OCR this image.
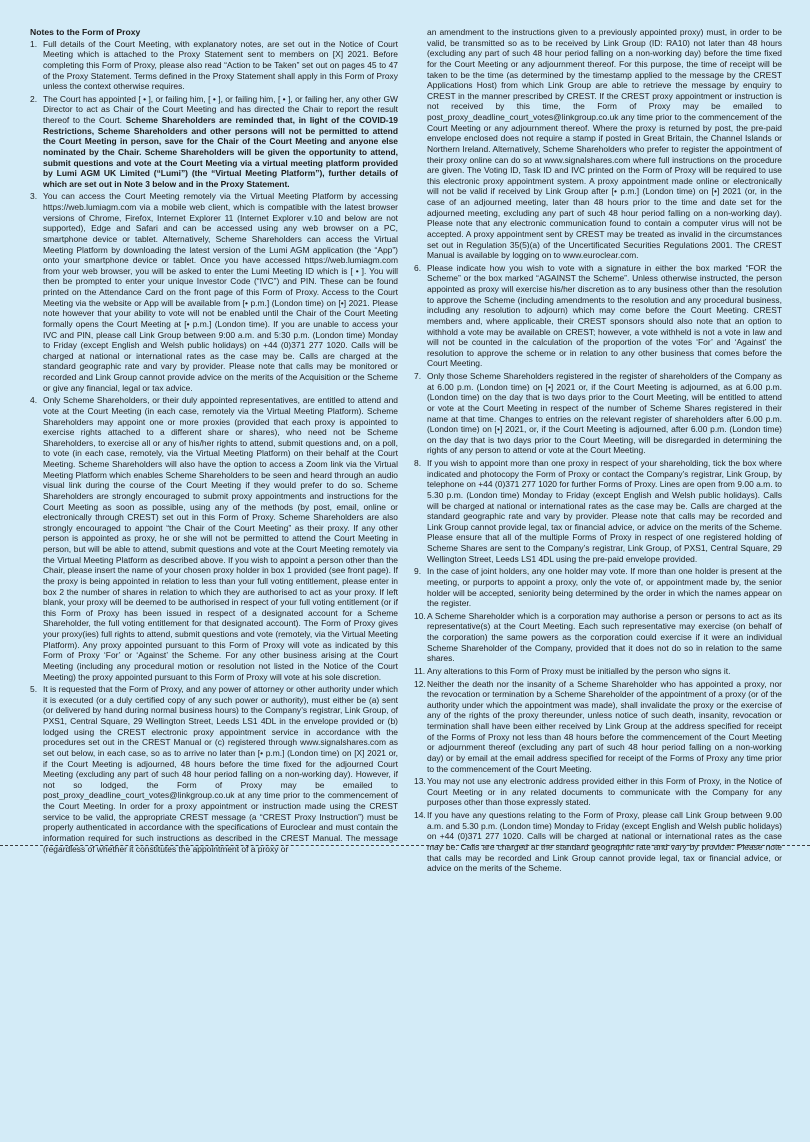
Notes to the Form of Proxy
1. Full details of the Court Meeting, with explanatory notes, are set out in the Notice of Court Meeting which is attached to the Proxy Statement sent to members on [X] 2021. Before completing this Form of Proxy, please also read “Action to be Taken” set out on pages 45 to 47 of the Proxy Statement. Terms defined in the Proxy Statement shall apply in this Form of Proxy unless the context otherwise requires.
2. The Court has appointed [ • ], or failing him, [ • ], or failing him, [ • ], or failing her, any other GW Director to act as Chair of the Court Meeting and has directed the Chair to report the result thereof to the Court. Scheme Shareholders are reminded that, in light of the COVID-19 Restrictions, Scheme Shareholders and other persons will not be permitted to attend the Court Meeting in person, save for the Chair of the Court Meeting and anyone else nominated by the Chair. Scheme Shareholders will be given the opportunity to attend, submit questions and vote at the Court Meeting via a virtual meeting platform provided by Lumi AGM UK Limited (“Lumi”) (the “Virtual Meeting Platform”), further details of which are set out in Note 3 below and in the Proxy Statement.
3. You can access the Court Meeting remotely via the Virtual Meeting Platform by accessing https://web.lumiagm.com via a mobile web client, which is compatible with the latest browser versions of Chrome, Firefox, Internet Explorer 11 (Internet Explorer v.10 and below are not supported), Edge and Safari and can be accessed using any web browser on a PC, smartphone device or tablet. Alternatively, Scheme Shareholders can access the Virtual Meeting Platform by downloading the latest version of the Lumi AGM application (the “App”) onto your smartphone device or tablet. Once you have accessed https://web.lumiagm.com from your web browser, you will be asked to enter the Lumi Meeting ID which is [ • ]. You will then be prompted to enter your unique Investor Code (“IVC”) and PIN. These can be found printed on the Attendance Card on the front page of this Form of Proxy. Access to the Court Meeting via the website or App will be available from [• p.m.] (London time) on [•] 2021. Please note however that your ability to vote will not be enabled until the Chair of the Court Meeting formally opens the Court Meeting at [• p.m.] (London time). If you are unable to access your IVC and PIN, please call Link Group between 9:00 a.m. and 5:30 p.m. (London time) Monday to Friday (except English and Welsh public holidays) on +44 (0)371 277 1020. Calls will be charged at national or international rates as the case may be. Calls are charged at the standard geographic rate and vary by provider. Please note that calls may be monitored or recorded and Link Group cannot provide advice on the merits of the Acquisition or the Scheme or give any financial, legal or tax advice.
4. Only Scheme Shareholders, or their duly appointed representatives, are entitled to attend and vote at the Court Meeting (in each case, remotely via the Virtual Meeting Platform). Scheme Shareholders may appoint one or more proxies (provided that each proxy is appointed to exercise rights attached to a different share or shares), who need not be Scheme Shareholders, to exercise all or any of his/her rights to attend, submit questions and, on a poll, to vote (in each case, remotely, via the Virtual Meeting Platform) on their behalf at the Court Meeting. Scheme Shareholders will also have the option to access a Zoom link via the Virtual Meeting Platform which enables Scheme Shareholders to be seen and heard through an audio visual link during the course of the Court Meeting if they would prefer to do so. Scheme Shareholders are strongly encouraged to submit proxy appointments and instructions for the Court Meeting as soon as possible, using any of the methods (by post, email, online or electronically through CREST) set out in this Form of Proxy. Scheme Shareholders are also strongly encouraged to appoint “the Chair of the Court Meeting” as their proxy. If any other person is appointed as proxy, he or she will not be permitted to attend the Court Meeting in person, but will be able to attend, submit questions and vote at the Court Meeting remotely via the Virtual Meeting Platform as described above. If you wish to appoint a person other than the Chair, please insert the name of your chosen proxy holder in box 1 provided (see front page). If the proxy is being appointed in relation to less than your full voting entitlement, please enter in box 2 the number of shares in relation to which they are authorised to act as your proxy. If left blank, your proxy will be deemed to be authorised in respect of your full voting entitlement (or if this Form of Proxy has been issued in respect of a designated account for a Scheme Shareholder, the full voting entitlement for that designated account). The Form of Proxy gives your proxy(ies) full rights to attend, submit questions and vote (remotely, via the Virtual Meeting Platform). Any proxy appointed pursuant to this Form of Proxy will vote as indicated by this Form of Proxy ‘For’ or ‘Against’ the Scheme. For any other business arising at the Court Meeting (including any procedural motion or resolution not listed in the Notice of the Court Meeting) the proxy appointed pursuant to this Form of Proxy will vote at his sole discretion.
5. It is requested that the Form of Proxy, and any power of attorney or other authority under which it is executed (or a duly certified copy of any such power or authority), must either be (a) sent (or delivered by hand during normal business hours) to the Company’s registrar, Link Group, of PXS1, Central Square, 29 Wellington Street, Leeds LS1 4DL in the envelope provided or (b) lodged using the CREST electronic proxy appointment service in accordance with the procedures set out in the CREST Manual or (c) registered through www.signalshares.com as set out below, in each case, so as to arrive no later than [• p.m.] (London time) on [X] 2021 or, if the Court Meeting is adjourned, 48 hours before the time fixed for the adjourned Court Meeting (excluding any part of such 48 hour period falling on a non-working day). However, if not so lodged, the Form of Proxy may be emailed to post_proxy_deadline_court_votes@linkgroup.co.uk at any time prior to the commencement of the Court Meeting. In order for a proxy appointment or instruction made using the CREST service to be valid, the appropriate CREST message (a “CREST Proxy Instruction”) must be properly authenticated in accordance with the specifications of Euroclear and must contain the information required for such instructions as described in the CREST Manual. The message (regardless of whether it constitutes the appointment of a proxy or
an amendment to the instructions given to a previously appointed proxy) must, in order to be valid, be transmitted so as to be received by Link Group (ID: RA10) not later than 48 hours (excluding any part of such 48 hour period falling on a non-working day) before the time fixed for the Court Meeting or any adjournment thereof. For this purpose, the time of receipt will be taken to be the time (as determined by the timestamp applied to the message by the CREST Applications Host) from which Link Group are able to retrieve the message by enquiry to CREST in the manner prescribed by CREST. If the CREST proxy appointment or instruction is not received by this time, the Form of Proxy may be emailed to post_proxy_deadline_court_votes@linkgroup.co.uk any time prior to the commencement of the Court Meeting or any adjournment thereof. Where the proxy is returned by post, the pre-paid envelope enclosed does not require a stamp if posted in Great Britain, the Channel Islands or Northern Ireland. Alternatively, Scheme Shareholders who prefer to register the appointment of their proxy online can do so at www.signalshares.com where full instructions on the procedure are given. The Voting ID, Task ID and IVC printed on the Form of Proxy will be required to use this electronic proxy appointment system. A proxy appointment made online or electronically will not be valid if received by Link Group after [• p.m.] (London time) on [•] 2021 (or, in the case of an adjourned meeting, later than 48 hours prior to the time and date set for the adjourned meeting, excluding any part of such 48 hour period falling on a non-working day). Please note that any electronic communication found to contain a computer virus will not be accepted. A proxy appointment sent by CREST may be treated as invalid in the circumstances set out in Regulation 35(5)(a) of the Uncertificated Securities Regulations 2001. The CREST Manual is available by logging on to www.euroclear.com.
6. Please indicate how you wish to vote with a signature in either the box marked “FOR the Scheme” or the box marked “AGAINST the Scheme”. Unless otherwise instructed, the person appointed as proxy will exercise his/her discretion as to any business other than the resolution to approve the Scheme (including amendments to the resolution and any procedural business, including any resolution to adjourn) which may come before the Court Meeting. CREST members and, where applicable, their CREST sponsors should also note that an option to withhold a vote may be available on CREST; however, a vote withheld is not a vote in law and will not be counted in the calculation of the proportion of the votes ‘For’ and ‘Against’ the resolution to approve the scheme or in relation to any other business that comes before the Court Meeting.
7. Only those Scheme Shareholders registered in the register of shareholders of the Company as at 6.00 p.m. (London time) on [•] 2021 or, if the Court Meeting is adjourned, as at 6.00 p.m. (London time) on the day that is two days prior to the Court Meeting, will be entitled to attend or vote at the Court Meeting in respect of the number of Scheme Shares registered in their name at that time. Changes to entries on the relevant register of shareholders after 6.00 p.m. (London time) on [•] 2021, or, if the Court Meeting is adjourned, after 6.00 p.m. (London time) on the day that is two days prior to the Court Meeting, will be disregarded in determining the rights of any person to attend or vote at the Court Meeting.
8. If you wish to appoint more than one proxy in respect of your shareholding, tick the box where indicated and photocopy the Form of Proxy or contact the Company’s registrar, Link Group, by telephone on +44 (0)371 277 1020 for further Forms of Proxy. Lines are open from 9.00 a.m. to 5.30 p.m. (London time) Monday to Friday (except English and Welsh public holidays). Calls will be charged at national or international rates as the case may be. Calls are charged at the standard geographic rate and vary by provider. Please note that calls may be recorded and Link Group cannot provide legal, tax or financial advice, or advice on the merits of the Scheme. Please ensure that all of the multiple Forms of Proxy in respect of one registered holding of Scheme Shares are sent to the Company’s registrar, Link Group, of PXS1, Central Square, 29 Wellington Street, Leeds LS1 4DL using the pre-paid envelope provided.
9. In the case of joint holders, any one holder may vote. If more than one holder is present at the meeting, or purports to appoint a proxy, only the vote of, or appointment made by, the senior holder will be accepted, seniority being determined by the order in which the names appear on the register.
10. A Scheme Shareholder which is a corporation may authorise a person or persons to act as its representative(s) at the Court Meeting. Each such representative may exercise (on behalf of the corporation) the same powers as the corporation could exercise if it were an individual Scheme Shareholder of the Company, provided that it does not do so in relation to the same shares.
11. Any alterations to this Form of Proxy must be initialled by the person who signs it.
12. Neither the death nor the insanity of a Scheme Shareholder who has appointed a proxy, nor the revocation or termination by a Scheme Shareholder of the appointment of a proxy (or of the authority under which the appointment was made), shall invalidate the proxy or the exercise of any of the rights of the proxy thereunder, unless notice of such death, insanity, revocation or termination shall have been either received by Link Group at the address specified for receipt of the Forms of Proxy not less than 48 hours before the commencement of the Court Meeting or adjournment thereof (excluding any part of such 48 hour period falling on a non-working day) or by email at the email address specified for receipt of the Forms of Proxy any time prior to the commencement of the Court Meeting.
13. You may not use any electronic address provided either in this Form of Proxy, in the Notice of Court Meeting or in any related documents to communicate with the Company for any purposes other than those expressly stated.
14. If you have any questions relating to the Form of Proxy, please call Link Group between 9.00 a.m. and 5.30 p.m. (London time) Monday to Friday (except English and Welsh public holidays) on +44 (0)371 277 1020. Calls will be charged at national or international rates as the case may be. Calls are charged at the standard geographic rate and vary by provider. Please note that calls may be recorded and Link Group cannot provide legal, tax or financial advice, or advice on the merits of the Scheme.
